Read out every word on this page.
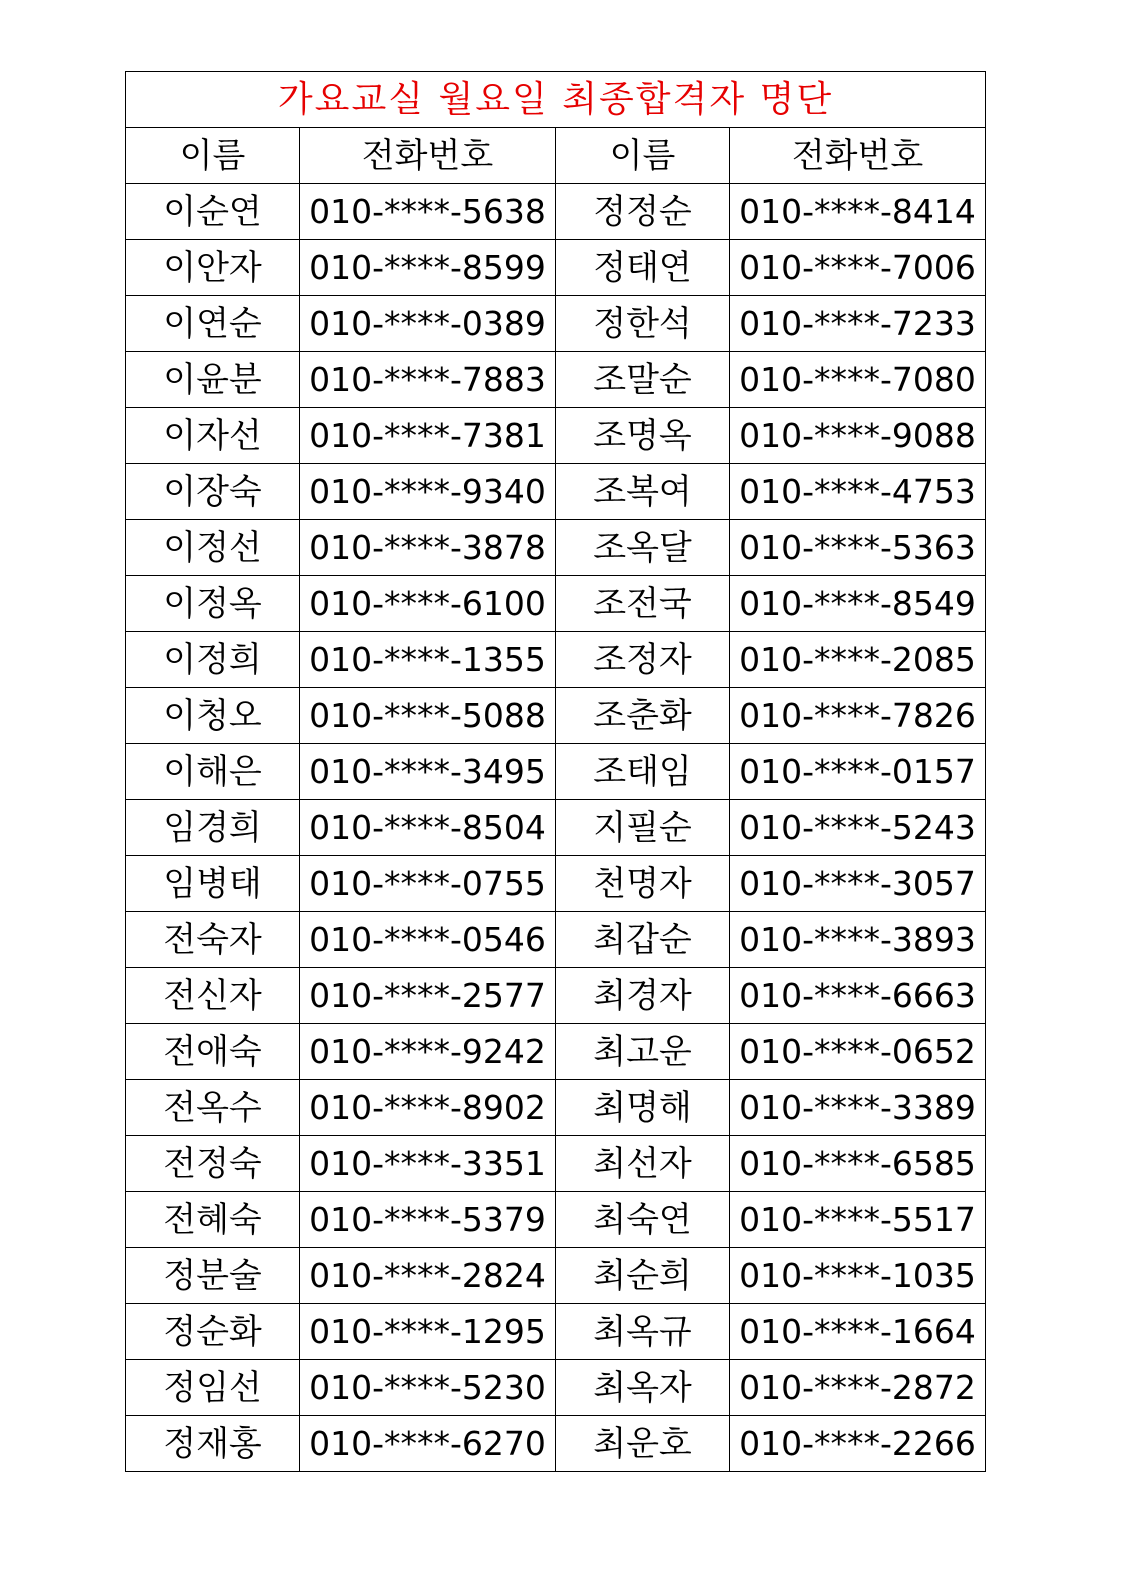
가요교실 월요일 최종합격자 명단			
이름	전화번호	이름	전화번호
이순연	010-****-5638	정정순	010-****-8414
이안자	010-****-8599	정태연	010-****-7006
이연순	010-****-0389	정한석	010-****-7233
이윤분	010-****-7883	조말순	010-****-7080
이자선	010-****-7381	조명옥	010-****-9088
이장숙	010-****-9340	조복여	010-****-4753
이정선	010-****-3878	조옥달	010-****-5363
이정옥	010-****-6100	조전국	010-****-8549
이정희	010-****-1355	조정자	010-****-2085
이청오	010-****-5088	조춘화	010-****-7826
이해은	010-****-3495	조태임	010-****-0157
임경희	010-****-8504	지필순	010-****-5243
임병태	010-****-0755	천명자	010-****-3057
전숙자	010-****-0546	최갑순	010-****-3893
전신자	010-****-2577	최경자	010-****-6663
전애숙	010-****-9242	최고운	010-****-0652
전옥수	010-****-8902	최명해	010-****-3389
전정숙	010-****-3351	최선자	010-****-6585
전혜숙	010-****-5379	최숙연	010-****-5517
정분술	010-****-2824	최순희	010-****-1035
정순화	010-****-1295	최옥규	010-****-1664
정임선	010-****-5230	최옥자	010-****-2872
정재홍	010-****-6270	최운호	010-****-2266
